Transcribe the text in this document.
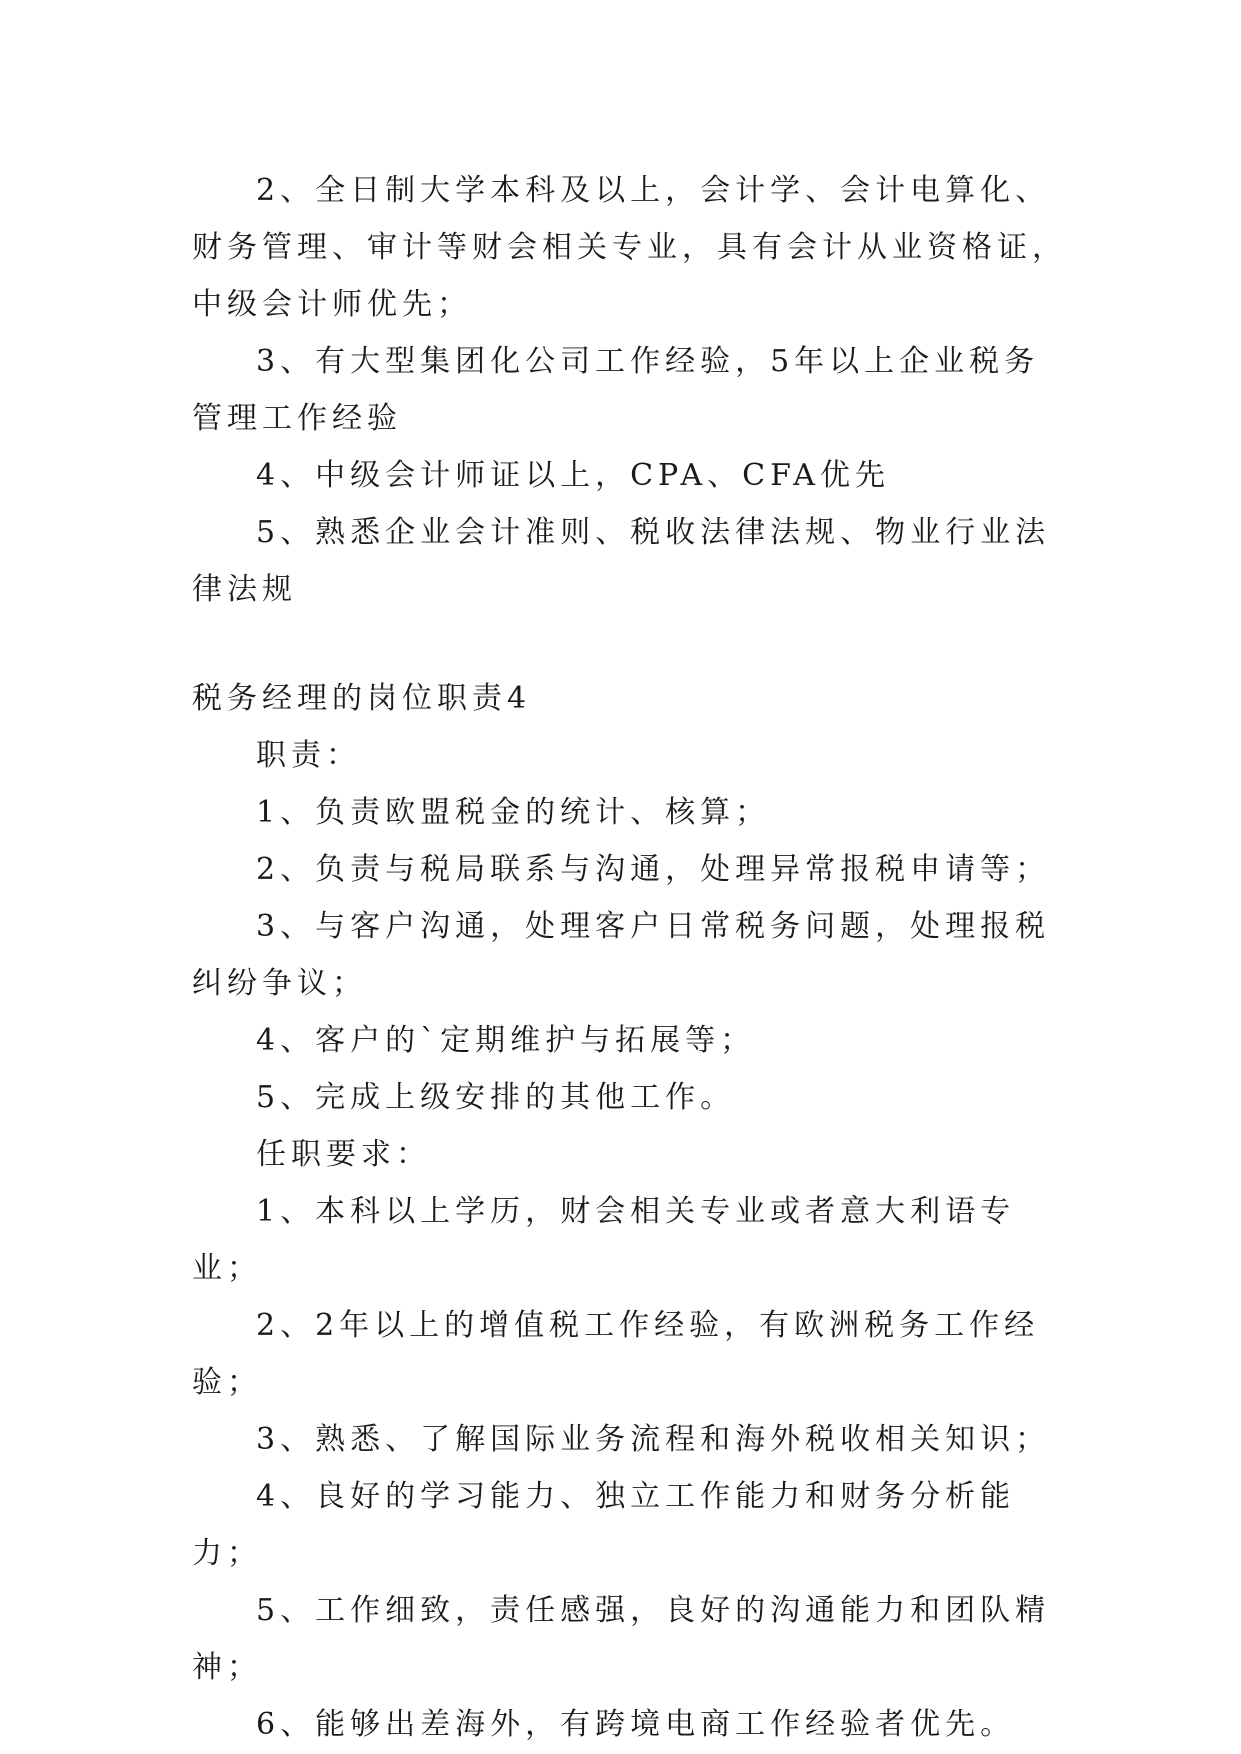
2、全日制大学本科及以上，会计学、会计电算化、财务管理、审计等财会相关专业，具有会计从业资格证，中级会计师优先；

3、有大型集团化公司工作经验，5年以上企业税务管理工作经验

4、中级会计师证以上，CPA、CFA优先

5、熟悉企业会计准则、税收法律法规、物业行业法律法规

税务经理的岗位职责4

职责：

1、负责欧盟税金的统计、核算；

2、负责与税局联系与沟通，处理异常报税申请等；

3、与客户沟通，处理客户日常税务问题，处理报税纠纷争议；

4、客户的`定期维护与拓展等；

5、完成上级安排的其他工作。

任职要求：

1、本科以上学历，财会相关专业或者意大利语专业；

2、2年以上的增值税工作经验，有欧洲税务工作经验；

3、熟悉、了解国际业务流程和海外税收相关知识；

4、良好的学习能力、独立工作能力和财务分析能力；

5、工作细致，责任感强，良好的沟通能力和团队精神；

6、能够出差海外，有跨境电商工作经验者优先。
